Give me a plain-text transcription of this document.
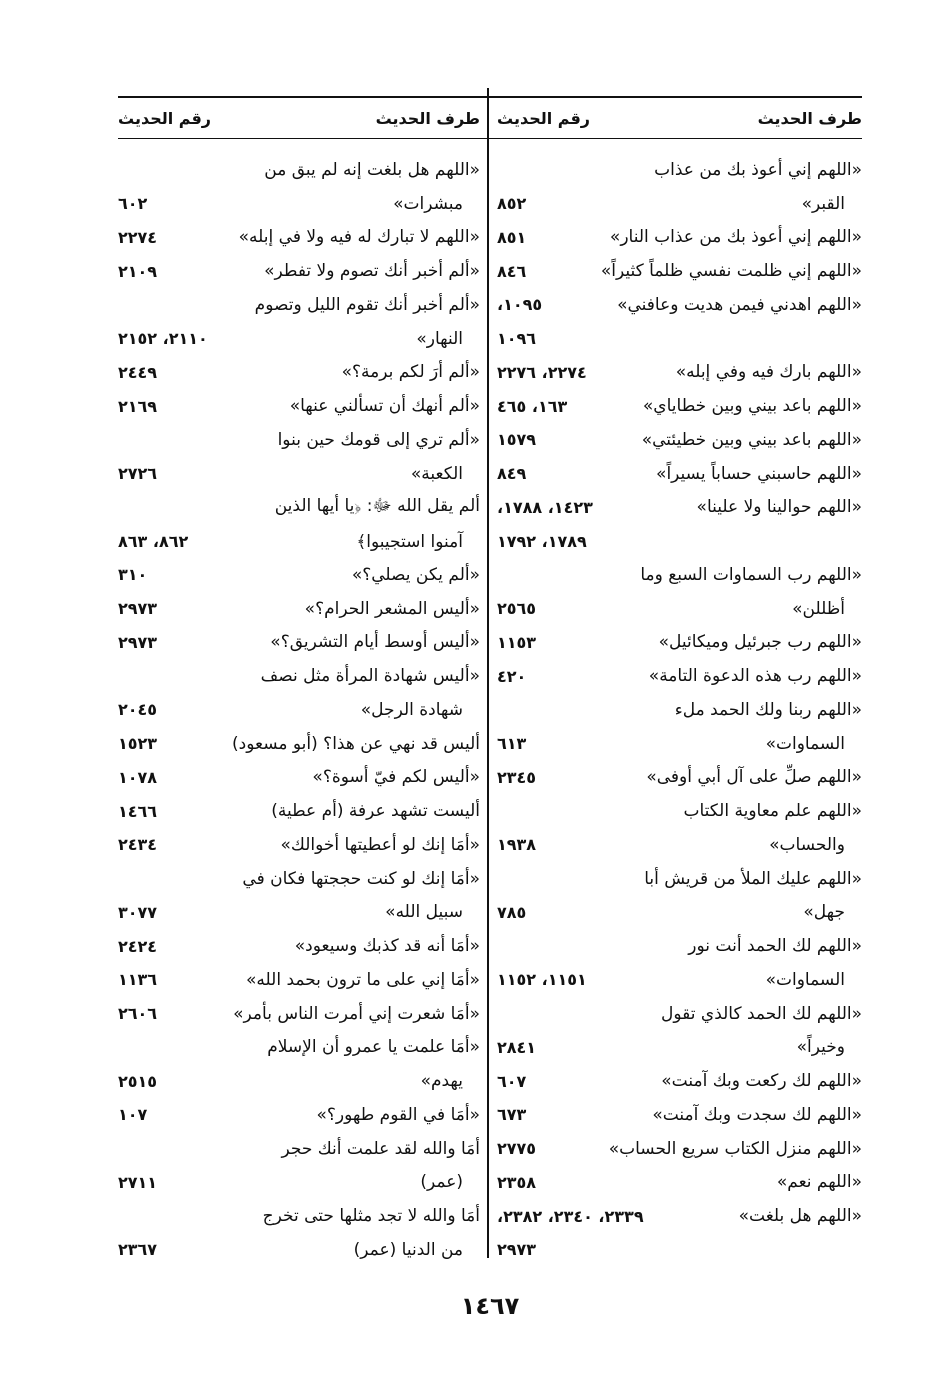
طرف الحديث
رقم الحديث
طرف الحديث
رقم الحديث
«اللهم إني أعوذ بك من عذاب
القبر»
٨٥٢
«اللهم إني أعوذ بك من عذاب النار»
٨٥١
«اللهم إني ظلمت نفسي ظلماً كثيراً»
٨٤٦
«اللهم اهدني فيمن هديت وعافني»
١٠٩٥،
١٠٩٦
«اللهم بارك فيه وفي إبله»
٢٢٧٤، ٢٢٧٦
«اللهم باعد بيني وبين خطاياي»
١٦٣، ٤٦٥
«اللهم باعد بيني وبين خطيئتي»
١٥٧٩
«اللهم حاسبني حساباً يسيراً»
٨٤٩
«اللهم حوالينا ولا علينا»
١٤٢٣، ١٧٨٨،
١٧٨٩، ١٧٩٢
«اللهم رب السماوات السبع وما
أظللن»
٢٥٦٥
«اللهم رب جبرئيل وميكائيل»
١١٥٣
«اللهم رب هذه الدعوة التامة»
٤٢٠
«اللهم ربنا ولك الحمد ملء
السماوات»
٦١٣
«اللهم صلِّ على آل أبي أوفى»
٢٣٤٥
«اللهم علم معاوية الكتاب
والحساب»
١٩٣٨
«اللهم عليك الملأ من قريش أبا
جهل»
٧٨٥
«اللهم لك الحمد أنت نور
السماوات»
١١٥١، ١١٥٢
«اللهم لك الحمد كالذي تقول
وخيراً»
٢٨٤١
«اللهم لك ركعت وبك آمنت»
٦٠٧
«اللهم لك سجدت وبك آمنت»
٦٧٣
«اللهم منزل الكتاب سريع الحساب»
٢٧٧٥
«اللهم نعم»
٢٣٥٨
«اللهم هل بلغت»
٢٣٣٩، ٢٣٤٠، ٢٣٨٢،
٢٩٧٣
«اللهم هل بلغت إنه لم يبق من
مبشرات»
٦٠٢
«اللهم لا تبارك له فيه ولا في إبله»
٢٢٧٤
«ألم أخبر أنك تصوم ولا تفطر»
٢١٠٩
«ألم أخبر أنك تقوم الليل وتصوم
النهار»
٢١١٠، ٢١٥٢
«ألم أرَ لكم برمة؟»
٢٤٤٩
«ألم أنهك أن تسألني عنها»
٢١٦٩
«ألم تري إلى قومك حين بنوا
الكعبة»
٢٧٢٦
ألم يقل الله ﷻ: ﴿يا أيها الذين
آمنوا استجيبوا﴾
٨٦٢، ٨٦٣
«ألم يكن يصلي؟»
٣١٠
«أليس المشعر الحرام؟»
٢٩٧٣
«أليس أوسط أيام التشريق؟»
٢٩٧٣
«أليس شهادة المرأة مثل نصف
شهادة الرجل»
٢٠٤٥
أليس قد نهي عن هذا؟ (أبو مسعود)
١٥٢٣
«أليس لكم فيّ أسوة؟»
١٠٧٨
أليست تشهد عرفة (أم عطية)
١٤٦٦
«أمَا إنك لو أعطيتها أخوالك»
٢٤٣٤
«أمَا إنك لو كنت حججتها فكان في
سبيل الله»
٣٠٧٧
«أمَا أنه قد كذبك وسيعود»
٢٤٢٤
«أمَا إني على ما ترون بحمد الله»
١١٣٦
«أمَا شعرت إني أمرت الناس بأمر»
٢٦٠٦
«أمَا علمت يا عمرو أن الإسلام
يهدم»
٢٥١٥
«أمَا في القوم طهور؟»
١٠٧
أمَا والله لقد علمت أنك حجر
(عمر)
٢٧١١
أمَا والله لا تجد مثلها حتى تخرج
من الدنيا (عمر)
٢٣٦٧
١٤٦٧
